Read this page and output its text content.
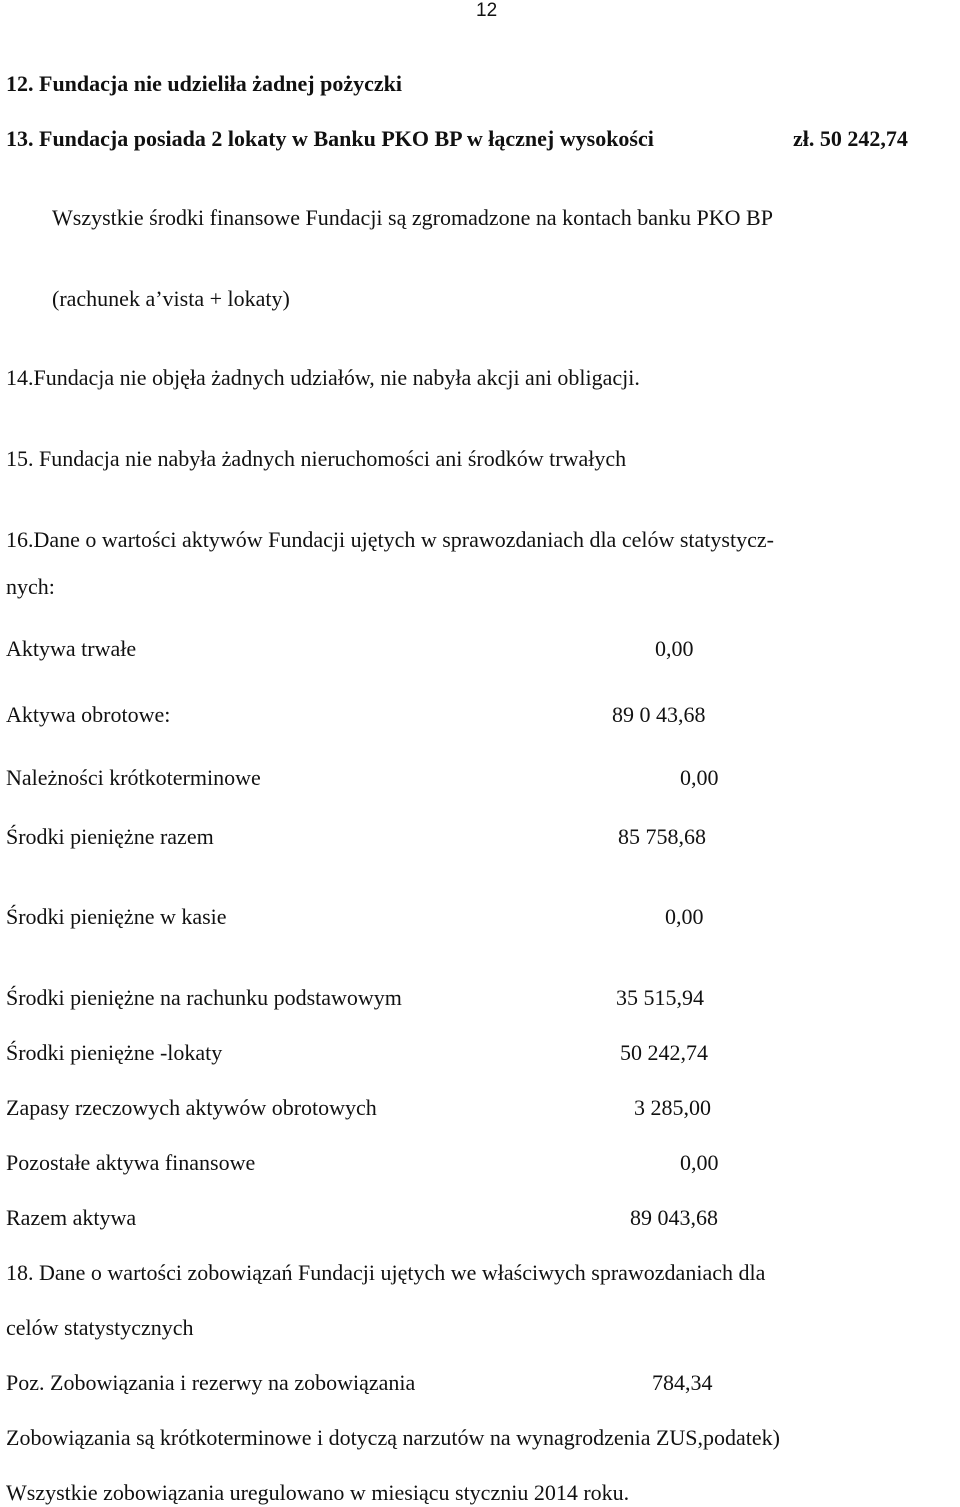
12
12. Fundacja nie udzieliła żadnej pożyczki
13. Fundacja posiada 2 lokaty w Banku PKO BP w łącznej wysokości	zł. 50 242,74
Wszystkie środki finansowe Fundacji są zgromadzone na kontach banku PKO BP
(rachunek a’vista + lokaty)
14.Fundacja nie objęła żadnych udziałów, nie nabyła akcji ani obligacji.
15. Fundacja nie nabyła żadnych nieruchomości ani środków trwałych
16.Dane o wartości aktywów Fundacji ujętych w sprawozdaniach dla celów statystycz-
nych:
Aktywa trwałe	0,00
Aktywa obrotowe:	89 0 43,68
Należności krótkoterminowe	0,00
Środki pieniężne razem	85 758,68
Środki pieniężne w kasie	0,00
Środki pieniężne na rachunku podstawowym	35 515,94
Środki pieniężne -lokaty	50 242,74
Zapasy rzeczowych aktywów obrotowych	3 285,00
Pozostałe aktywa finansowe	0,00
Razem aktywa	89 043,68
18. Dane o wartości zobowiązań Fundacji ujętych we właściwych sprawozdaniach dla
celów statystycznych
Poz. Zobowiązania i rezerwy na zobowiązania	784,34
Zobowiązania są krótkoterminowe i dotyczą narzutów na wynagrodzenia ZUS,podatek)
Wszystkie zobowiązania uregulowano w miesiącu styczniu 2014 roku.
